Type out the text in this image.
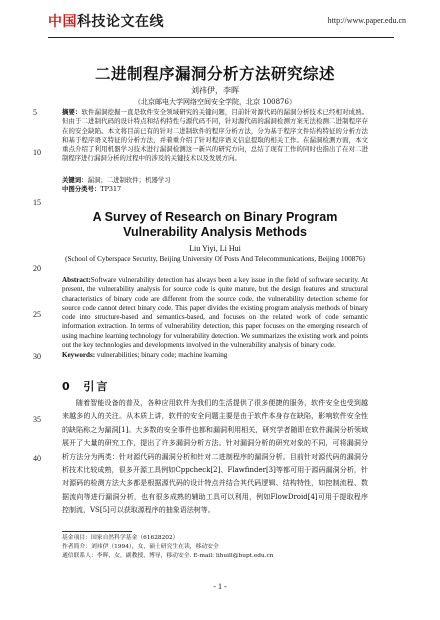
中国科技论文在线	http://www.paper.edu.cn
5
10
15
20
25
30
35
40
二进制程序漏洞分析方法研究综述
刘祎伊，李晖
（北京邮电大学网络空间安全学院，北京 100876）
摘要：软件漏洞挖掘一直是软件安全领域研究的关键问题，目前针对源代码的漏洞分析技术已经相对成熟。但由于二进制代码的设计特点和结构特性与源代码不同，针对源代码的漏洞检测方案无法检测二进制程序存在的安全缺陷。本文将目前已有的针对二进制软件的程序分析方法，分为基于程序文件结构特征的分析方法和基于程序语义特征的分析方法，并着重介绍了针对程序语义信息提取的相关工作。在漏洞检测方面，本文重点介绍了利用机器学习技术进行漏洞检测这一新兴的研究方向，总结了现有工作的同时也指出了在对二进制程序进行漏洞分析的过程中的涉及的关键技术以及发展方向。
关键词：漏洞；二进制软件；机器学习
中图分类号：TP317
A Survey of Research on Binary Program Vulnerability Analysis Methods
Liu Yiyi, Li Hui
(School of Cyberspace Security, Beijing University Of Posts And Telecommunications, Beijing 100876)
Abstract:Software vulnerability detection has always been a key issue in the field of software security. At present, the vulnerability analysis for source code is quite mature, but the design features and structural characteristics of binary code are different from the source code, the vulnerability detection scheme for source code cannot detect binary code. This paper divides the existing program analysis methods of binary code into structure-based and semantics-based, and focuses on the related work of code semantic information extraction. In terms of vulnerability detection, this paper focuses on the emerging research of using machine learning technology for vulnerability detection. We summarizes the existing work and points out the key technologies and developments involved in the vulnerability analysis of binary code.
Keywords: vulnerabilities; binary code; machine learning
0 引言
随着智能设备的普及，各种应用软件为我们的生活提供了很多便捷的服务，软件安全也受到越来越多的人的关注。从本质上讲，软件的安全问题主要是由于软件本身存在缺陷，影响软件安全性的缺陷称之为漏洞[1]。大多数的安全事件也都和漏洞利用相关，研究学者随即在软件漏洞分析领域展开了大量的研究工作，提出了许多漏洞分析方法。针对漏洞分析的研究对象的不同，可将漏洞分析方法分为两类：针对源代码的漏洞分析和针对二进制程序的漏洞分析。目前针对源代码的漏洞分析技术比较成熟，很多开源工具例如Cppcheck[2]、Flawfinder[3]等都可用于源码漏洞分析，针对源码的检测方法大多都是根据源代码的设计特点并结合其代码逻辑、结构特性，如控制流程、数据流向等进行漏洞分析，也有很多成熟的辅助工具可以利用，例如FlowDroid[4]可用于提取程序控制流，VS[5]可以获取源程序的抽象语法树等。
基金项目：国家自然科学基金（61628202）
作者简介：刘祎伊（1994），女，硕士研究生在读，移动安全
通信联系人：李晖，女，副教授、博导，移动安全. E-mail: lihuill@bupt.edu.cn
- 1 -
